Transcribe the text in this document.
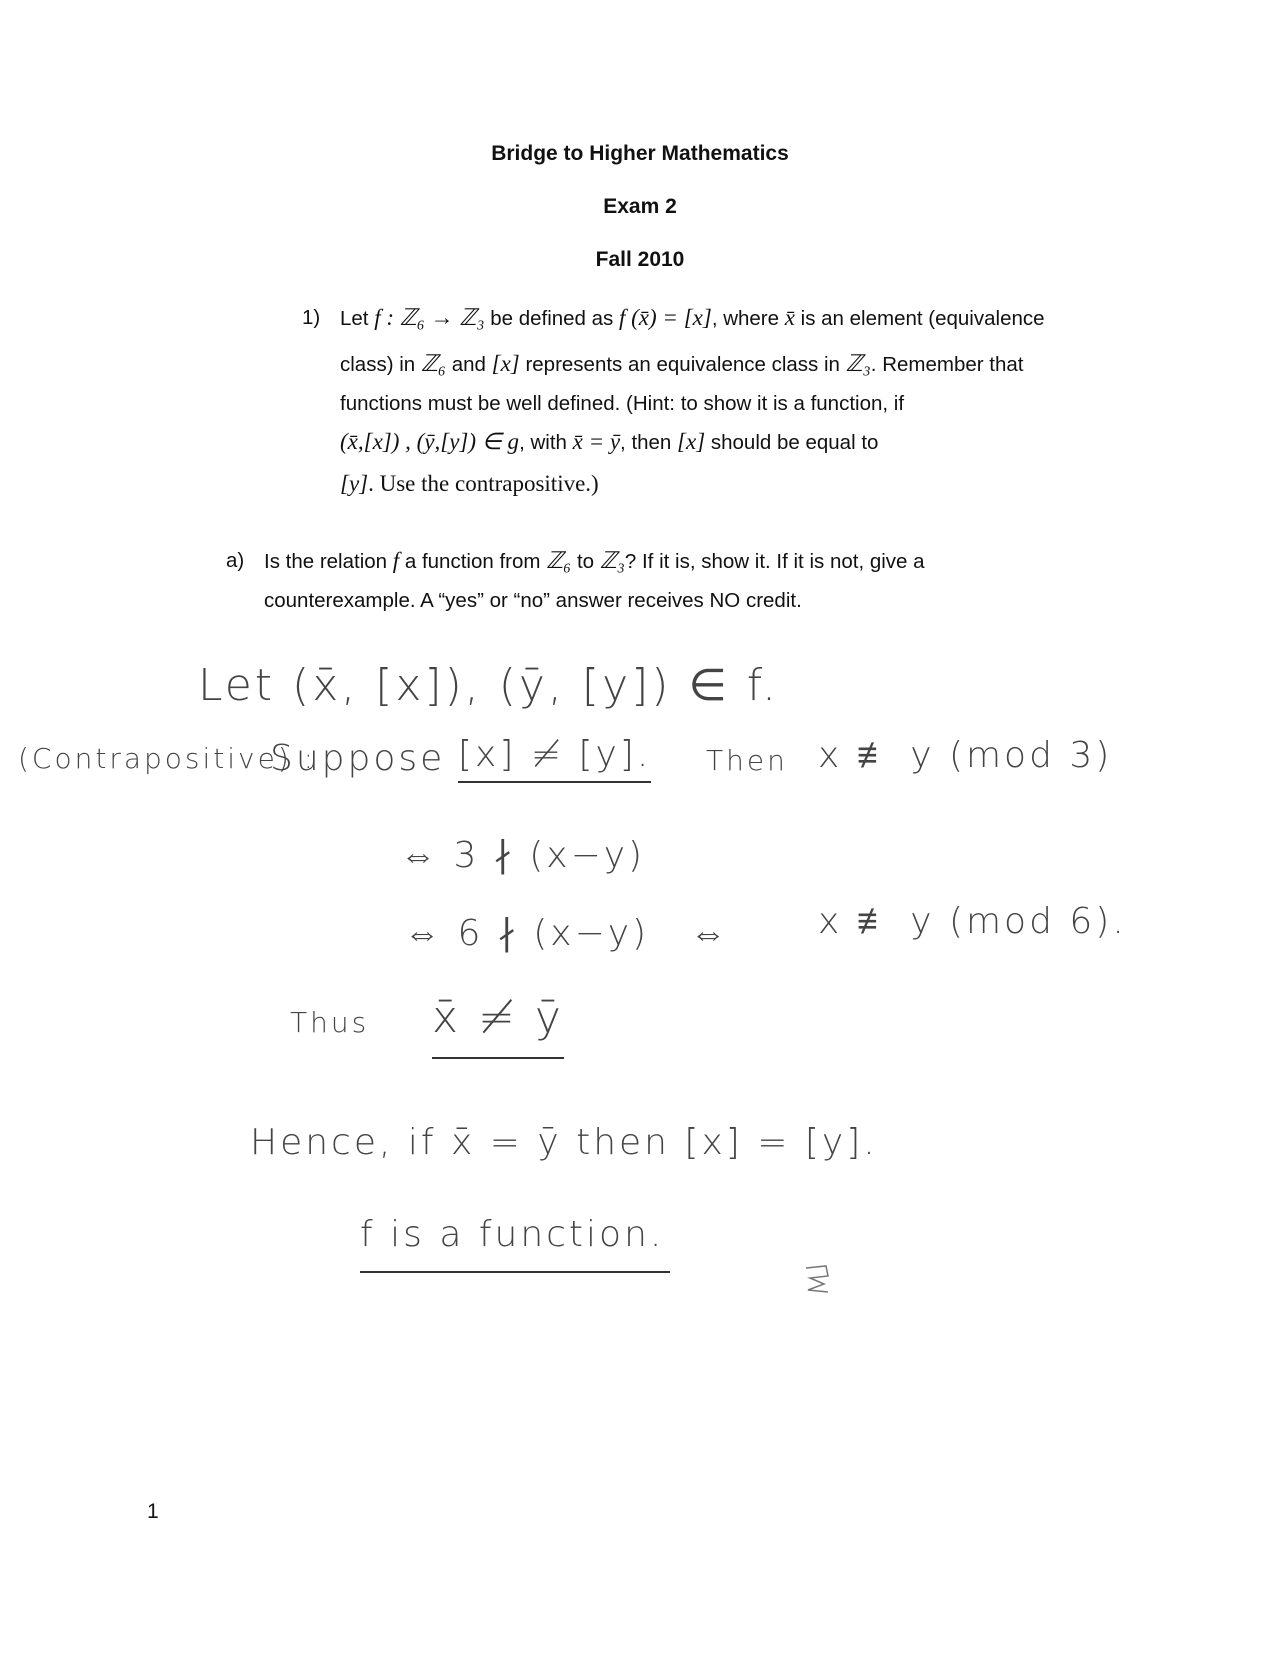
Bridge to Higher Mathematics
Exam 2
Fall 2010
1) Let f : ℤ₆ → ℤ₃ be defined as f (x̄) = [x], where x̄ is an element (equivalence
class) in ℤ₆ and [x] represents an equivalence class in ℤ₃. Remember that
functions must be well defined. (Hint: to show it is a function, if
(x̄,[x]) , (ȳ,[y]) ∈ g, with x̄ = ȳ, then [x] should be equal to
[y]. Use the contrapositive.)
a) Is the relation f a function from ℤ₆ to ℤ₃? If it is, show it. If it is not, give a
counterexample. A “yes” or “no” answer receives NO credit.
Let (x̄, [x]), (ȳ, [y]) ∈ f.
(Contrapositive) :
Suppose [x] ≠ [y]. Then x ≢ y (mod 3)
⇔ 3 ∤ (x−y)
⇔ 6 ∤ (x−y) ⇔ x ≢ y (mod 6).
Thus x̄ ≠ ȳ
Hence, if x̄ = ȳ then [x] = [y].
f is a function.
1
